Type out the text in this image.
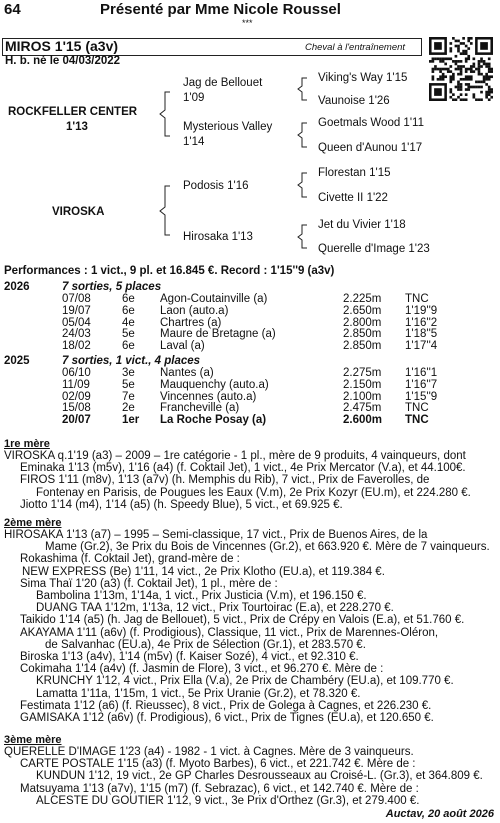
64	Présenté par Mme Nicole Roussel
***
MIROS 1'15 (a3v)	Cheval à l'entraînement
H. b. né le 04/03/2022
ROCKFELLER CENTER
1'13
Jag de Bellouet
1'09
Mysterious Valley
1'14
Viking's Way 1'15
Vaunoise 1'26
Goetmals Wood 1'11
Queen d'Aunou 1'17
VIROSKA
Podosis 1'16
Hirosaka 1'13
Florestan 1'15
Civette II 1'22
Jet du Vivier 1'18
Querelle d'Image 1'23
Performances : 1 vict., 9 pl. et 16.845 €. Record : 1'15''9 (a3v)
2026	7 sorties, 5 places
07/08	6e Agon-Coutainville (a)	2.225m TNC
19/07	6e Laon (auto.a)	2.650m 1'19''9
05/04	4e Chartres (a)	2.800m 1'16''2
24/03	5e Maure de Bretagne (a)	2.850m 1'18''5
18/02	6e Laval (a)	2.850m 1'17''4
2025	7 sorties, 1 vict., 4 places
06/10	3e Nantes (a)	2.275m 1'16''1
11/09	5e Mauquenchy (auto.a)	2.150m 1'16''7
02/09	7e Vincennes (auto.a)	2.100m 1'15''9
15/08	2e Francheville (a)	2.475m TNC
20/07	1er La Roche Posay (a)	2.600m TNC
1re mère
VIROSKA q.1'19 (a3) – 2009 – 1re catégorie - 1 pl., mère de 9 produits, 4 vainqueurs, dont
Eminaka 1'13 (m5v), 1'16 (a4) (f. Coktail Jet), 1 vict., 4e Prix Mercator (V.a), et 44.100€.
FIROS 1'11 (m8v), 1'13 (a7v) (h. Memphis du Rib), 7 vict., Prix de Faverolles, de
Fontenay en Parisis, de Pougues les Eaux (V.m), 2e Prix Kozyr (EU.m), et 224.280 €.
Jiotto 1'14 (m4), 1'14 (a5) (h. Speedy Blue), 5 vict., et 69.925 €.
2ème mère
HIROSAKA 1'13 (a7) – 1995 – Semi-classique, 17 vict., Prix de Buenos Aires, de la
Mame (Gr.2), 3e Prix du Bois de Vincennes (Gr.2), et 663.920 €. Mère de 7 vainqueurs.
Rokashima (f. Coktail Jet), grand-mère de :
NEW EXPRESS (Be) 1'11, 14 vict., 2e Prix Klotho (EU.a), et 119.384 €.
Sima Thaï 1'20 (a3) (f. Coktail Jet), 1 pl., mère de :
Bambolina 1'13m, 1'14a, 1 vict., Prix Justicia (V.m), et 196.150 €.
DUANG TAA 1'12m, 1'13a, 12 vict., Prix Tourtoirac (E.a), et 228.270 €.
Taikido 1'14 (a5) (h. Jag de Bellouet), 5 vict., Prix de Crépy en Valois (E.a), et 51.760 €.
AKAYAMA 1'11 (a6v) (f. Prodigious), Classique, 11 vict., Prix de Marennes-Oléron,
de Salvanhac (EU.a), 4e Prix de Sélection (Gr.1), et 283.570 €.
Biroska 1'13 (a4v), 1'14 (m5v) (f. Kaiser Sozé), 4 vict., et 92.310 €.
Cokimaha 1'14 (a4v) (f. Jasmin de Flore), 3 vict., et 96.270 €. Mère de :
KRUNCHY 1'12, 4 vict., Prix Ella (V.a), 2e Prix de Chambéry (EU.a), et 109.770 €.
Lamatta 1'11a, 1'15m, 1 vict., 5e Prix Uranie (Gr.2), et 78.320 €.
Festimata 1'12 (a6) (f. Rieussec), 8 vict., Prix de Golega à Cagnes, et 226.230 €.
GAMISAKA 1'12 (a6v) (f. Prodigious), 6 vict., Prix de Tignes (EU.a), et 120.650 €.
3ème mère
QUERELLE D'IMAGE 1'23 (a4) - 1982 - 1 vict. à Cagnes. Mère de 3 vainqueurs.
CARTE POSTALE 1'15 (a3) (f. Myoto Barbes), 6 vict., et 221.742 €. Mère de :
KUNDUN 1'12, 19 vict., 2e GP Charles Desrousseaux au Croisé-L. (Gr.3), et 364.809 €.
Matsuyama 1'13 (a7v), 1'15 (m7) (f. Sebrazac), 6 vict., et 142.740 €. Mère de :
ALCESTE DU GOUTIER 1'12, 9 vict., 3e Prix d'Orthez (Gr.3), et 279.400 €.
Auctav, 20 août 2026
